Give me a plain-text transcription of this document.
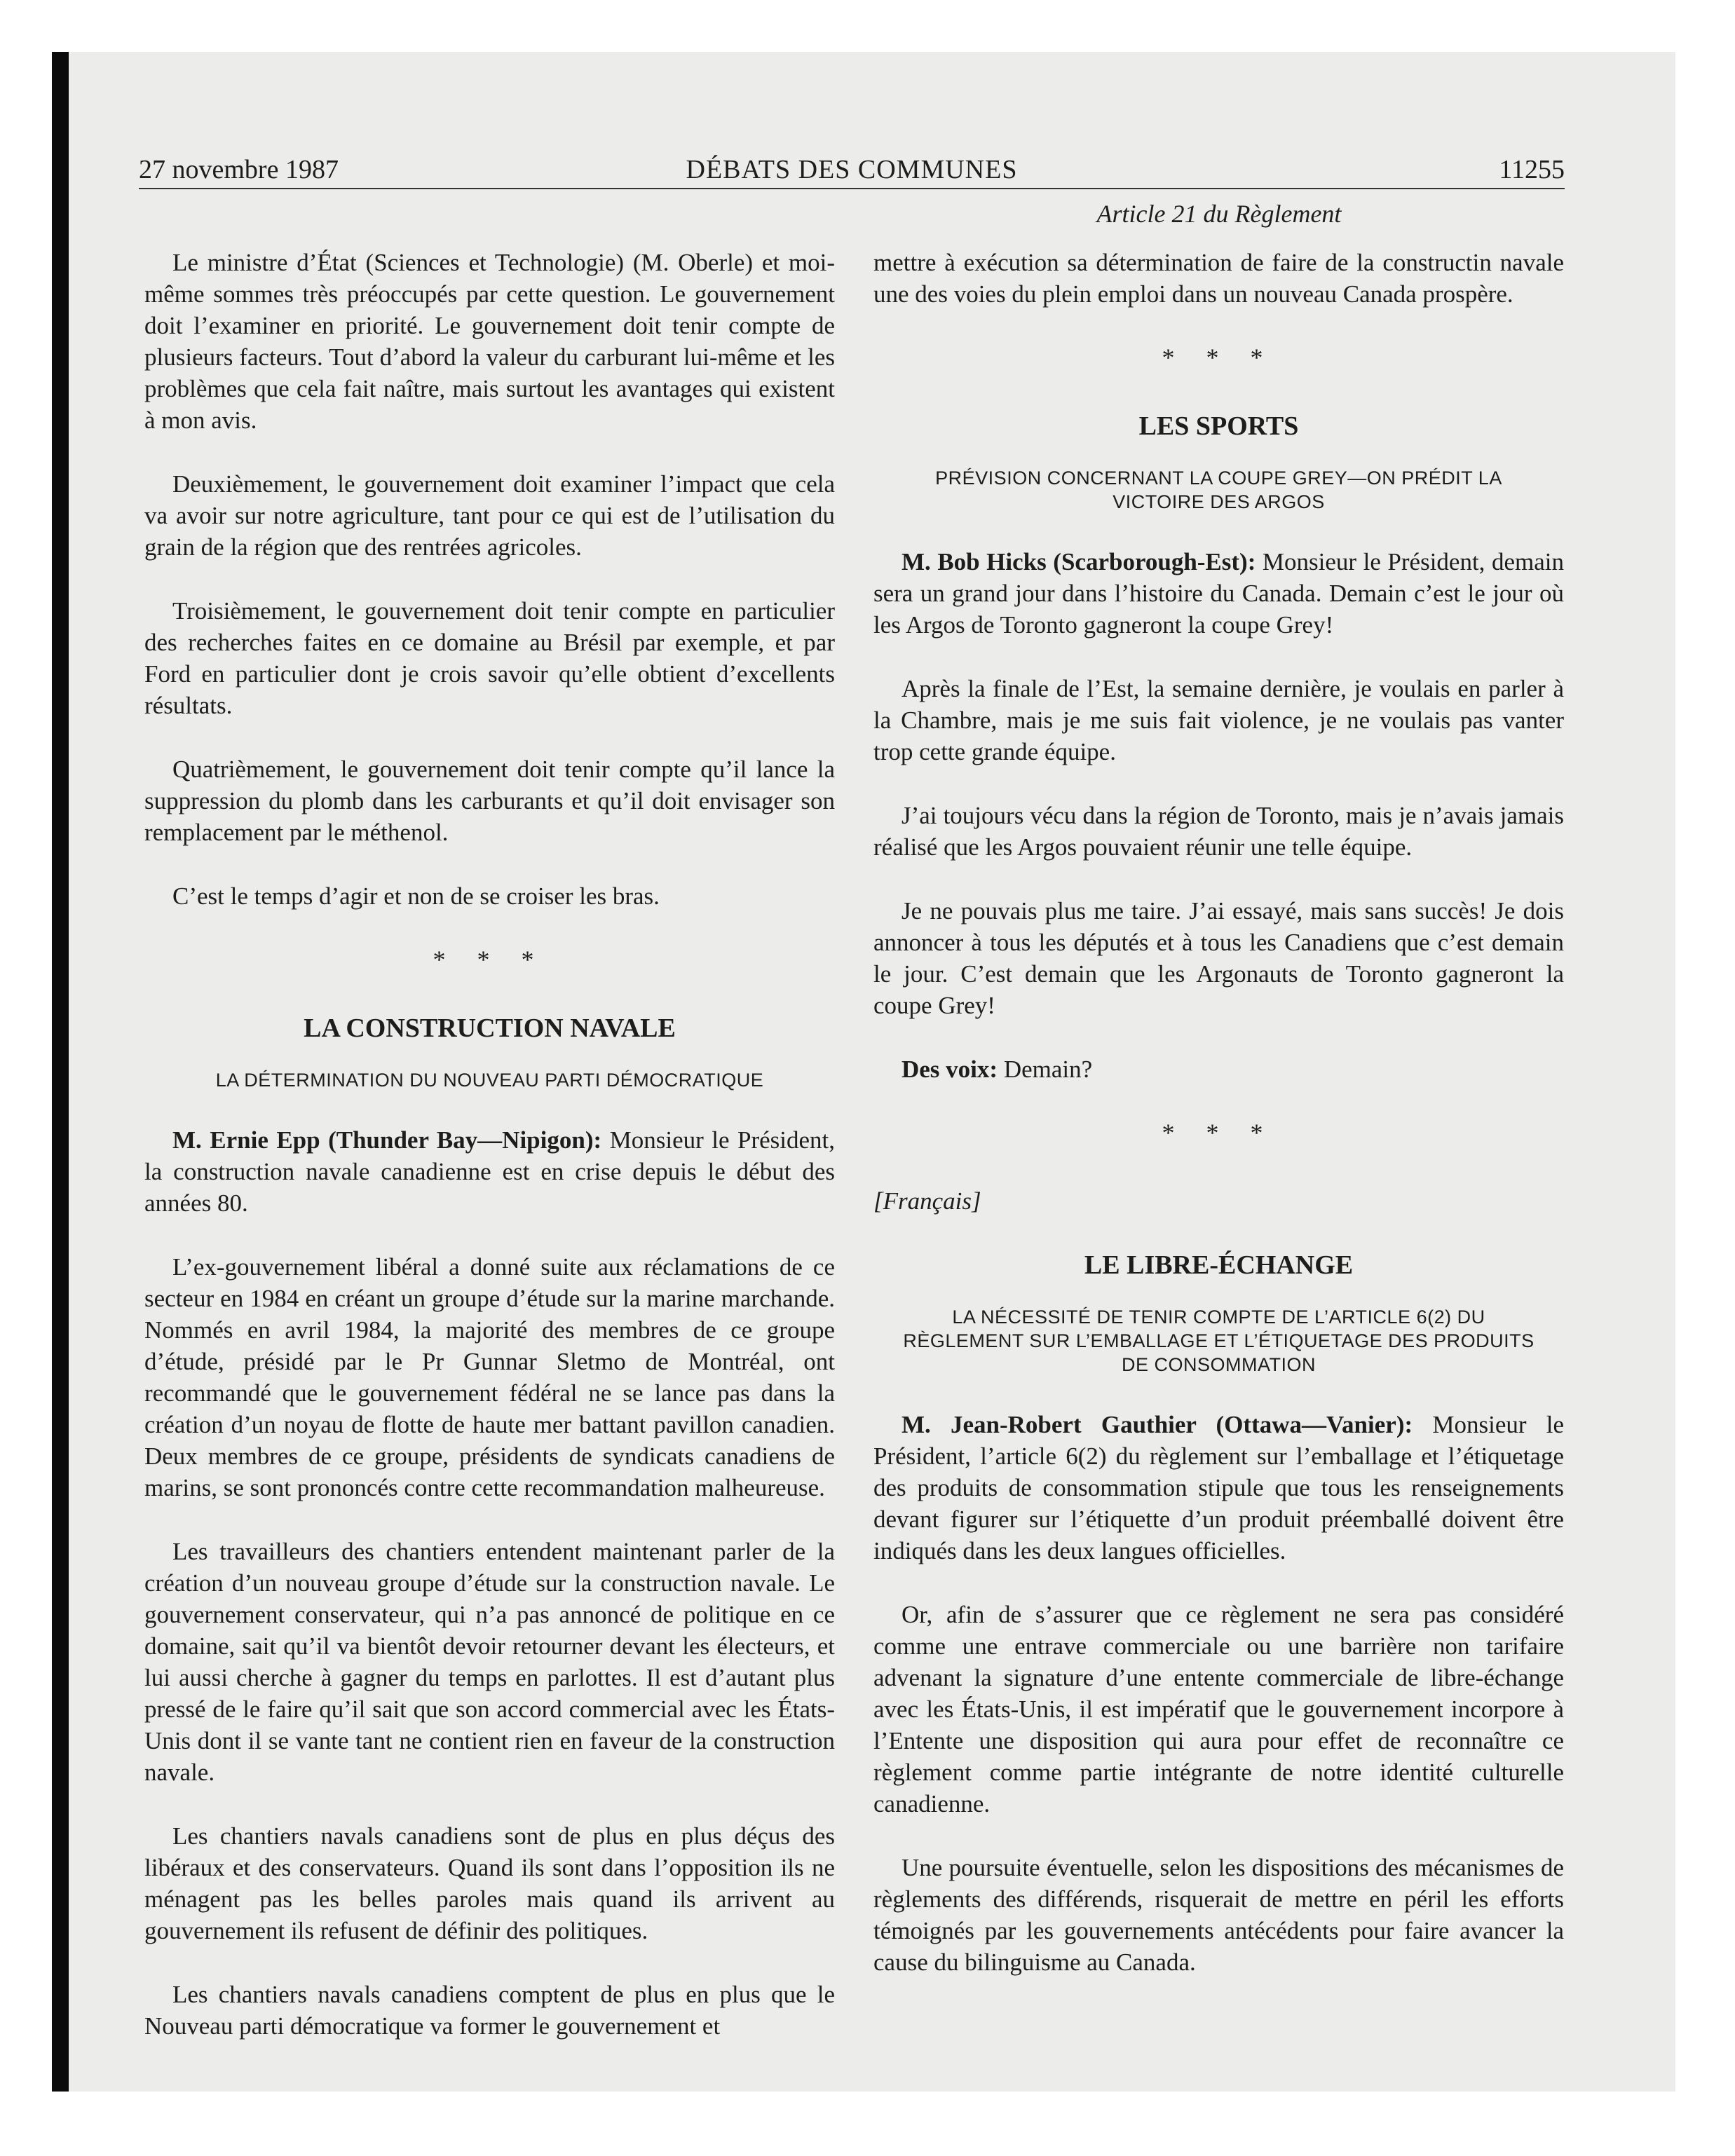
27 novembre 1987	DÉBATS DES COMMUNES	11255
Article 21 du Règlement

Le ministre d’État (Sciences et Technologie) (M. Oberle) et moi-même sommes très préoccupés par cette question. Le gouvernement doit l’examiner en priorité. Le gouvernement doit tenir compte de plusieurs facteurs. Tout d’abord la valeur du carburant lui-même et les problèmes que cela fait naître, mais surtout les avantages qui existent à mon avis.

Deuxièmement, le gouvernement doit examiner l’impact que cela va avoir sur notre agriculture, tant pour ce qui est de l’utilisation du grain de la région que des rentrées agricoles.

Troisièmement, le gouvernement doit tenir compte en particulier des recherches faites en ce domaine au Brésil par exemple, et par Ford en particulier dont je crois savoir qu’elle obtient d’excellents résultats.

Quatrièmement, le gouvernement doit tenir compte qu’il lance la suppression du plomb dans les carburants et qu’il doit envisager son remplacement par le méthenol.

C’est le temps d’agir et non de se croiser les bras.

* * *
LA CONSTRUCTION NAVALE
LA DÉTERMINATION DU NOUVEAU PARTI DÉMOCRATIQUE

M. Ernie Epp (Thunder Bay—Nipigon): Monsieur le Président, la construction navale canadienne est en crise depuis le début des années 80.

L’ex-gouvernement libéral a donné suite aux réclamations de ce secteur en 1984 en créant un groupe d’étude sur la marine marchande. Nommés en avril 1984, la majorité des membres de ce groupe d’étude, présidé par le Pr Gunnar Sletmo de Montréal, ont recommandé que le gouvernement fédéral ne se lance pas dans la création d’un noyau de flotte de haute mer battant pavillon canadien. Deux membres de ce groupe, présidents de syndicats canadiens de marins, se sont prononcés contre cette recommandation malheureuse.

Les travailleurs des chantiers entendent maintenant parler de la création d’un nouveau groupe d’étude sur la construction navale. Le gouvernement conservateur, qui n’a pas annoncé de politique en ce domaine, sait qu’il va bientôt devoir retourner devant les électeurs, et lui aussi cherche à gagner du temps en parlottes. Il est d’autant plus pressé de le faire qu’il sait que son accord commercial avec les États-Unis dont il se vante tant ne contient rien en faveur de la construction navale.

Les chantiers navals canadiens sont de plus en plus déçus des libéraux et des conservateurs. Quand ils sont dans l’opposition ils ne ménagent pas les belles paroles mais quand ils arrivent au gouvernement ils refusent de définir des politiques.

Les chantiers navals canadiens comptent de plus en plus que le Nouveau parti démocratique va former le gouvernement et

mettre à exécution sa détermination de faire de la constructin navale une des voies du plein emploi dans un nouveau Canada prospère.

* * *
LES SPORTS
PRÉVISION CONCERNANT LA COUPE GREY—ON PRÉDIT LA VICTOIRE DES ARGOS

M. Bob Hicks (Scarborough-Est): Monsieur le Président, demain sera un grand jour dans l’histoire du Canada. Demain c’est le jour où les Argos de Toronto gagneront la coupe Grey!

Après la finale de l’Est, la semaine dernière, je voulais en parler à la Chambre, mais je me suis fait violence, je ne voulais pas vanter trop cette grande équipe.

J’ai toujours vécu dans la région de Toronto, mais je n’avais jamais réalisé que les Argos pouvaient réunir une telle équipe.

Je ne pouvais plus me taire. J’ai essayé, mais sans succès! Je dois annoncer à tous les députés et à tous les Canadiens que c’est demain le jour. C’est demain que les Argonauts de Toronto gagneront la coupe Grey!

Des voix: Demain?

* * *

[Français]

LE LIBRE-ÉCHANGE
LA NÉCESSITÉ DE TENIR COMPTE DE L’ARTICLE 6(2) DU RÈGLEMENT SUR L’EMBALLAGE ET L’ÉTIQUETAGE DES PRODUITS DE CONSOMMATION

M. Jean-Robert Gauthier (Ottawa—Vanier): Monsieur le Président, l’article 6(2) du règlement sur l’emballage et l’étiquetage des produits de consommation stipule que tous les renseignements devant figurer sur l’étiquette d’un produit préemballé doivent être indiqués dans les deux langues officielles.

Or, afin de s’assurer que ce règlement ne sera pas considéré comme une entrave commerciale ou une barrière non tarifaire advenant la signature d’une entente commerciale de libre-échange avec les États-Unis, il est impératif que le gouvernement incorpore à l’Entente une disposition qui aura pour effet de reconnaître ce règlement comme partie intégrante de notre identité culturelle canadienne.

Une poursuite éventuelle, selon les dispositions des mécanismes de règlements des différends, risquerait de mettre en péril les efforts témoignés par les gouvernements antécédents pour faire avancer la cause du bilinguisme au Canada.
